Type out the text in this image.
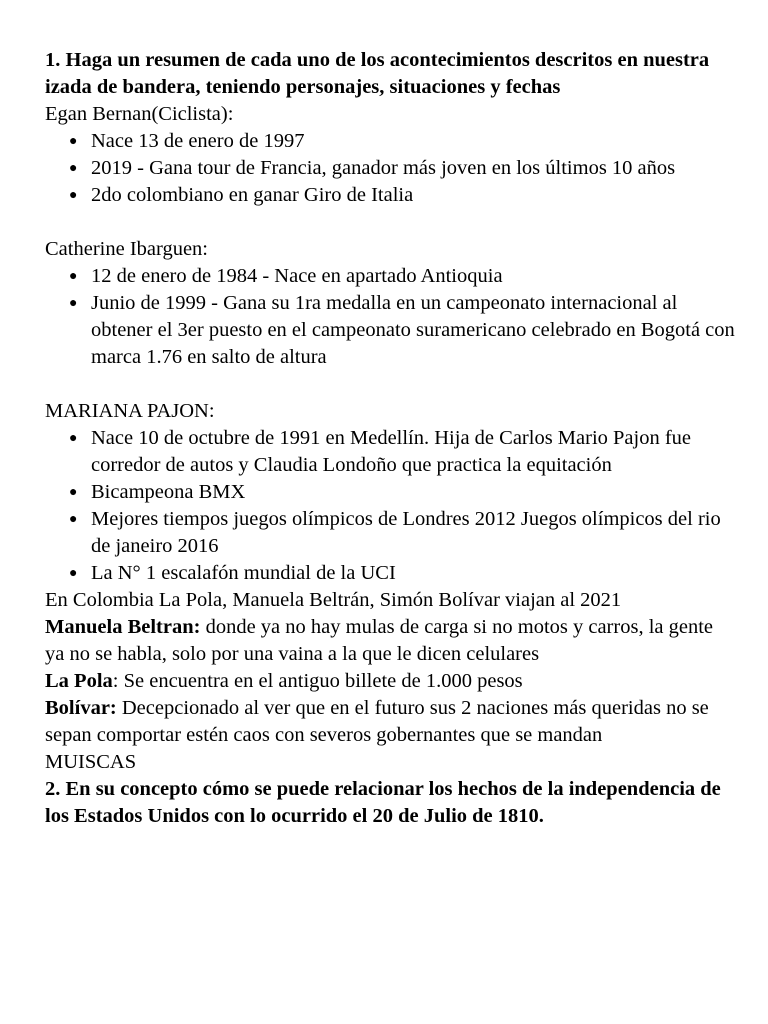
1. Haga un resumen de cada uno de los acontecimientos descritos en nuestra izada de bandera, teniendo personajes, situaciones y fechas

Egan Bernan(Ciclista):

● Nace 13 de enero de 1997
● 2019 - Gana tour de Francia, ganador más joven en los últimos 10 años
● 2do colombiano en ganar Giro de Italia

Catherine Ibarguen:

● 12 de enero de 1984 - Nace en apartado Antioquia
● Junio de 1999 - Gana su 1ra medalla en un campeonato internacional al obtener el 3er puesto en el campeonato suramericano celebrado en Bogotá con marca 1.76 en salto de altura

MARIANA PAJON:

● Nace 10 de octubre de 1991 en Medellín. Hija de Carlos Mario Pajon fue corredor de autos y Claudia Londoño que practica la equitación
● Bicampeona BMX
● Mejores tiempos juegos olímpicos de Londres 2012 Juegos olímpicos del rio de janeiro 2016
● La N° 1 escalafón mundial de la UCI

En Colombia La Pola, Manuela Beltrán, Simón Bolívar viajan al 2021

Manuela Beltran: donde ya no hay mulas de carga si no motos y carros, la gente ya no se habla, solo por una vaina a la que le dicen celulares

La Pola: Se encuentra en el antiguo billete de 1.000 pesos

Bolívar: Decepcionado al ver que en el futuro sus 2 naciones más queridas no se sepan comportar estén caos con severos gobernantes que se mandan

MUISCAS

2. En su concepto cómo se puede relacionar los hechos de la independencia de los Estados Unidos con lo ocurrido el 20 de Julio de 1810.
